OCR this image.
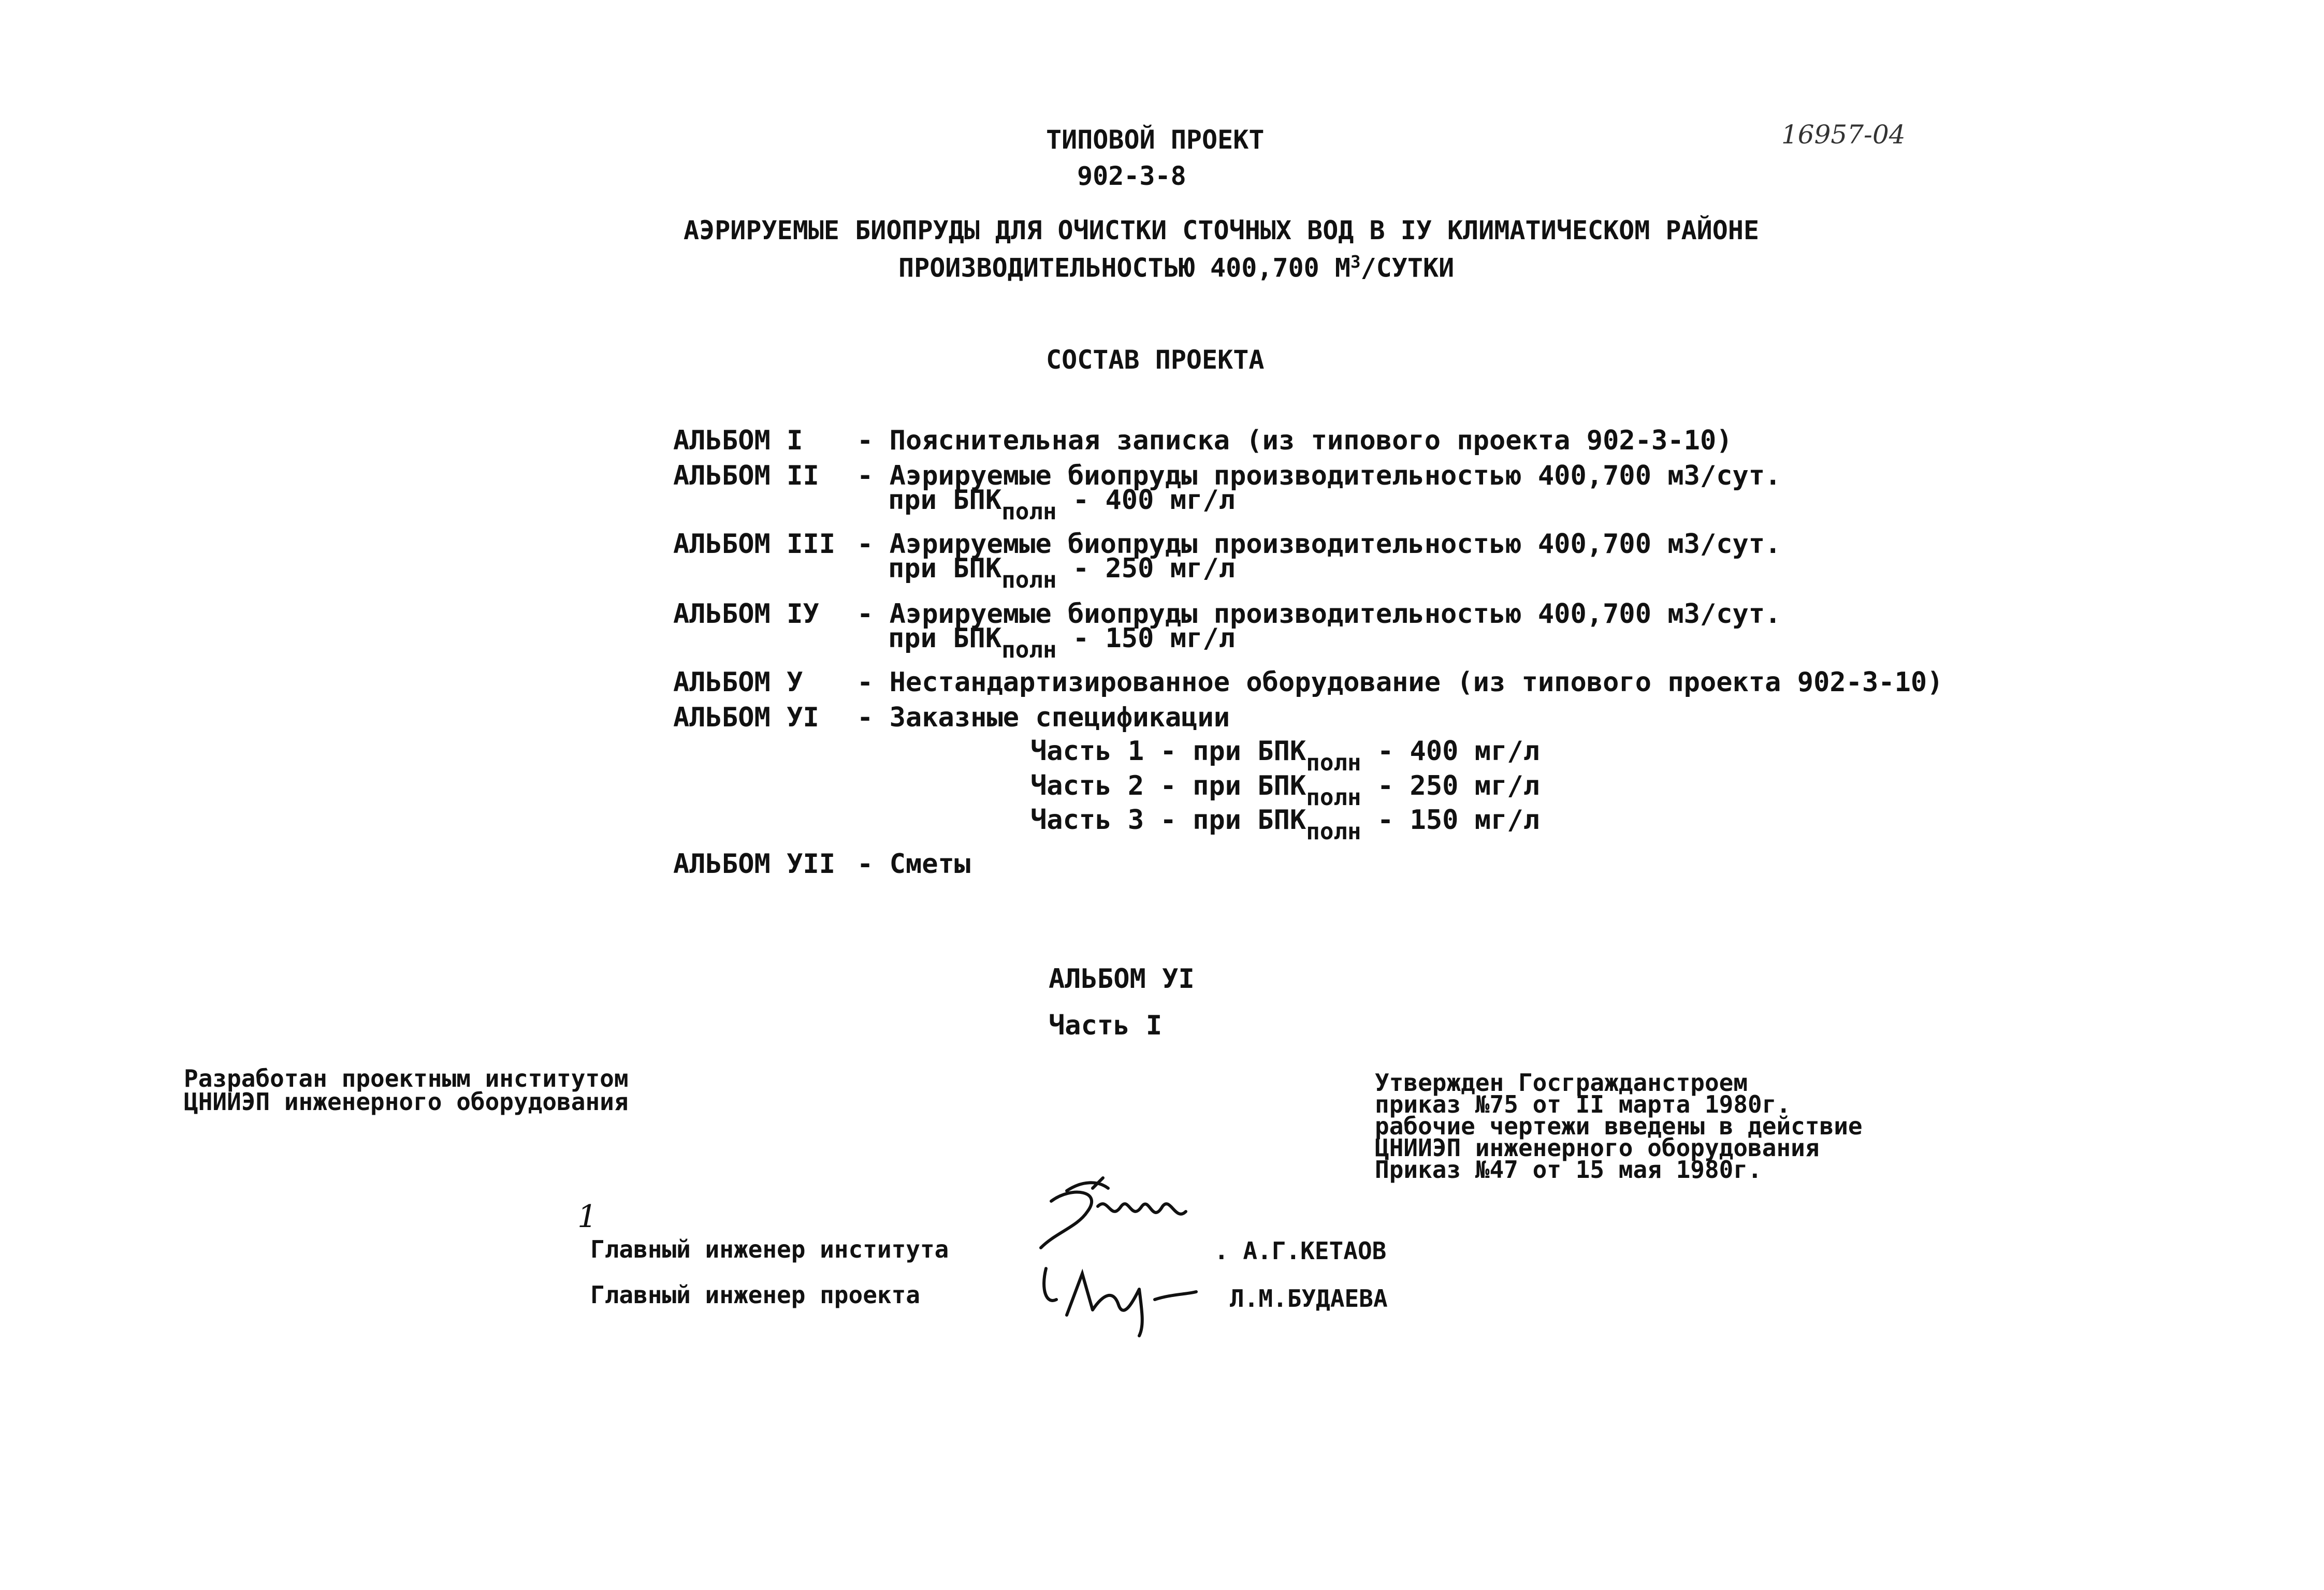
ТИПОВОЙ ПРОЕКТ
902-3-8
16957-04
АЭРИРУЕМЫЕ БИОПРУДЫ ДЛЯ ОЧИСТКИ СТОЧНЫХ ВОД В IУ КЛИМАТИЧЕСКОМ РАЙОНЕ
ПРОИЗВОДИТЕЛЬНОСТЬЮ 400,700 $М^3$/СУТКИ
СОСТАВ ПРОЕКТА
АЛЬБОМ I - Пояснительная записка (из типового проекта 902-3-10)
АЛЬБОМ II - Аэрируемые биопруды производительностью 400,700 м3/сут.
при БПКполн - 400 мг/л
АЛЬБОМ III - Аэрируемые биопруды производительностью 400,700 м3/сут.
при БПКполн - 250 мг/л
АЛЬБОМ IУ - Аэрируемые биопруды производительностью 400,700 м3/сут.
при БПКполн - 150 мг/л
АЛЬБОМ У - Нестандартизированное оборудование (из типового проекта 902-3-10)
АЛЬБОМ УI - Заказные спецификации
Часть 1 - при БПКполн - 400 мг/л
Часть 2 - при БПКполн - 250 мг/л
Часть 3 - при БПКполн - 150 мг/л
АЛЬБОМ УII - Сметы
АЛЬБОМ УI
Часть I
Разработан проектным институтом
ЦНИИЭП инженерного оборудования
Утвержден Госгражданстроем
приказ №75 от II марта 1980г.
рабочие чертежи введены в действие
ЦНИИЭП инженерного оборудования
Приказ №47 от 15 мая 1980г.
1
Главный инженер института
Главный инженер проекта
. А.Г.КЕТАОВ
Л.М.БУДАЕВА
